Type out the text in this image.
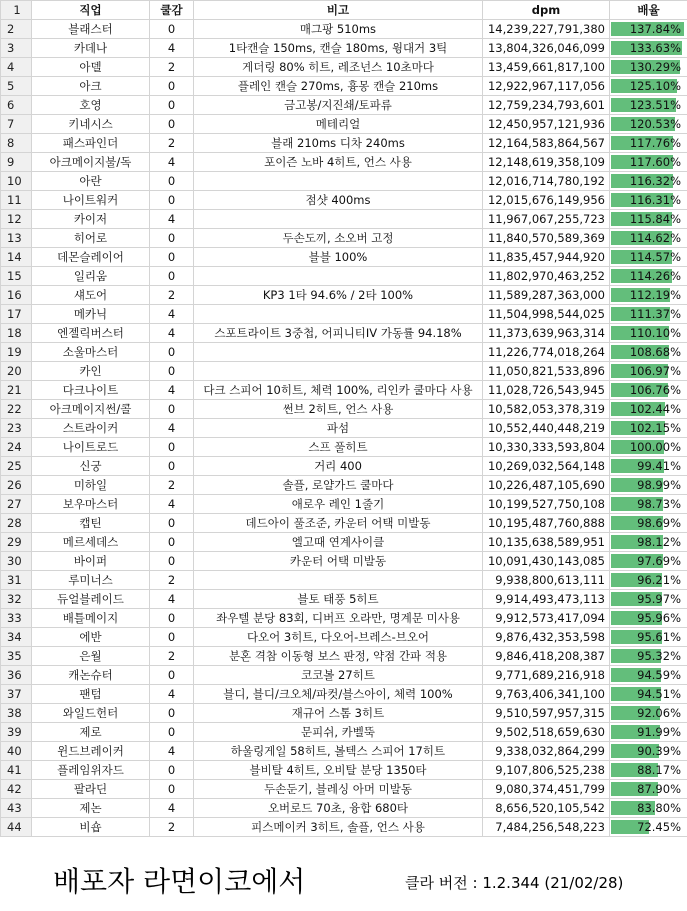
1	직업	쿨감	비고	dpm	배율
2	블래스터	0	매그팡 510ms	14,239,227,791,380	137.84%
3	카데나	4	1타캔슬 150ms, 캔슬 180ms, 윙대거 3틱	13,804,326,046,099	133.63%
4	아델	2	게더링 80% 히트, 레조넌스 10초마다	13,459,661,817,100	130.29%
5	아크	0	플레인 캔슬 270ms, 흉몽 캔슬 210ms	12,922,967,117,056	125.10%
6	호영	0	금고봉/지진쇄/토파류	12,759,234,793,601	123.51%
7	키네시스	0	메테리얼	12,450,957,121,936	120.53%
8	패스파인더	2	블래 210ms 디차 240ms	12,164,583,864,567	117.76%
9	아크메이지불/독	4	포이즌 노바 4히트, 언스 사용	12,148,619,358,109	117.60%
10	아란	0		12,016,714,780,192	116.32%
11	나이트워커	0	점샷 400ms	12,015,676,149,956	116.31%
12	카이저	4		11,967,067,255,723	115.84%
13	히어로	0	두손도끼, 소오버 고정	11,840,570,589,369	114.62%
14	데몬슬레이어	0	블블 100%	11,835,457,944,920	114.57%
15	일리움	0		11,802,970,463,252	114.26%
16	섀도어	2	KP3 1타 94.6% / 2타 100%	11,589,287,363,000	112.19%
17	메카닉	4		11,504,998,544,025	111.37%
18	엔젤릭버스터	4	스포트라이트 3중첩, 어피니티IV 가동률 94.18%	11,373,639,963,314	110.10%
19	소울마스터	0		11,226,774,018,264	108.68%
20	카인	0		11,050,821,533,896	106.97%
21	다크나이트	4	다크 스피어 10히트, 체력 100%, 리인카 쿨마다 사용	11,028,726,543,945	106.76%
22	아크메이지썬/콜	0	썬브 2히트, 언스 사용	10,582,053,378,319	102.44%
23	스트라이커	4	파섬	10,552,440,448,219	102.15%
24	나이트로드	0	스프 풀히트	10,330,333,593,804	100.00%
25	신궁	0	거리 400	10,269,032,564,148	99.41%
26	미하일	2	솔플, 로얄가드 쿨마다	10,226,487,105,690	98.99%
27	보우마스터	4	애로우 레인 1줄기	10,199,527,750,108	98.73%
28	캡틴	0	데드아이 풀조준, 카운터 어택 미발동	10,195,487,760,888	98.69%
29	메르세데스	0	엘고때 연계사이클	10,135,638,589,951	98.12%
30	바이퍼	0	카운터 어택 미발동	10,091,430,143,085	97.69%
31	루미너스	2		9,938,800,613,111	96.21%
32	듀얼블레이드	4	블토 태풍 5히트	9,914,493,473,113	95.97%
33	배틀메이지	0	좌우텔 분당 83회, 디버프 오라만, 명계문 미사용	9,912,573,417,094	95.96%
34	에반	0	다오어 3히트, 다오어-브레스-브오어	9,876,432,353,598	95.61%
35	은월	2	분혼 격참 이동형 보스 판정, 약점 간파 적용	9,846,418,208,387	95.32%
36	캐논슈터	0	코코볼 27히트	9,771,689,216,918	94.59%
37	팬텀	4	블디, 블디/크오체/파컷/블스아이, 체력 100%	9,763,406,341,100	94.51%
38	와일드헌터	0	재규어 스톰 3히트	9,510,597,957,315	92.06%
39	제로	0	문피쉬, 카벨뚝	9,502,518,659,630	91.99%
40	윈드브레이커	4	하울링게일 58히트, 볼텍스 스피어 17히트	9,338,032,864,299	90.39%
41	플레임위자드	0	블비탈 4히트, 오비탈 분당 1350타	9,107,806,525,238	88.17%
42	팔라딘	0	두손둔기, 블레싱 아머 미발동	9,080,374,451,799	87.90%
43	제논	4	오버로드 70초, 융합 680타	8,656,520,105,542	83.80%
44	비숍	2	피스메이커 3히트, 솔플, 언스 사용	7,484,256,548,223	72.45%
배포자 라면이코에서	클라 버전 : 1.2.344 (21/02/28)
